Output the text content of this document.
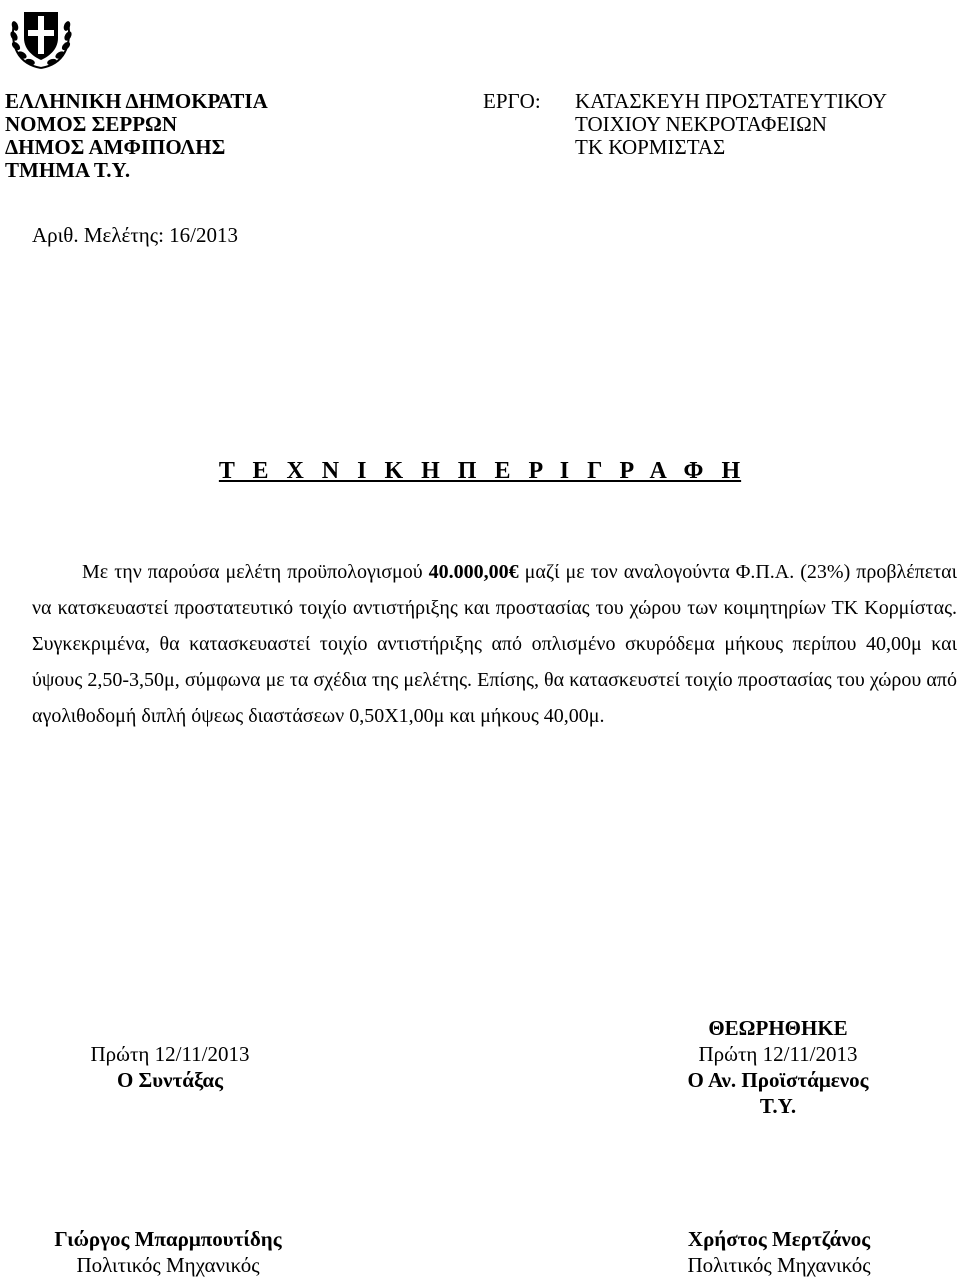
ΕΛΛΗΝΙΚΗ ΔΗΜΟΚΡΑΤΙΑ
ΝΟΜΟΣ ΣΕΡΡΩΝ
ΔΗΜΟΣ ΑΜΦΙΠΟΛΗΣ
ΤΜΗΜΑ Τ.Υ.
ΕΡΓΟ:	ΚΑΤΑΣΚΕΥΗ ΠΡΟΣΤΑΤΕΥΤΙΚΟΥ
ΤΟΙΧΙΟΥ ΝΕΚΡΟΤΑΦΕΙΩΝ
ΤΚ ΚΟΡΜΙΣΤΑΣ
Αριθ. Μελέτης: 16/2013
Τ Ε Χ Ν Ι Κ Η Π Ε Ρ Ι Γ Ρ Α Φ Η

Με την παρούσα μελέτη προϋπολογισμού 40.000,00€ μαζί με τον αναλογούντα Φ.Π.Α. (23%) προβλέπεται να κατσκευαστεί προστατευτικό τοιχίο αντιστήριξης και προστασίας του χώρου των κοιμητηρίων ΤΚ Κορμίστας. Συγκεκριμένα, θα κατασκευαστεί τοιχίο αντιστήριξης από οπλισμένο σκυρόδεμα μήκους περίπου 40,00μ και ύψους 2,50-3,50μ, σύμφωνα με τα σχέδια της μελέτης. Επίσης, θα κατασκευστεί τοιχίο προστασίας του χώρου από αγολιθοδομή διπλή όψεως διαστάσεων 0,50Χ1,00μ και μήκους 40,00μ.

Πρώτη 12/11/2013
Ο Συντάξας
ΘΕΩΡΗΘΗΚΕ
Πρώτη 12/11/2013
Ο Αν. Προϊστάμενος
Τ.Υ.
Γιώργος Μπαρμπουτίδης
Πολιτικός Μηχανικός
Χρήστος Μερτζάνος
Πολιτικός Μηχανικός
